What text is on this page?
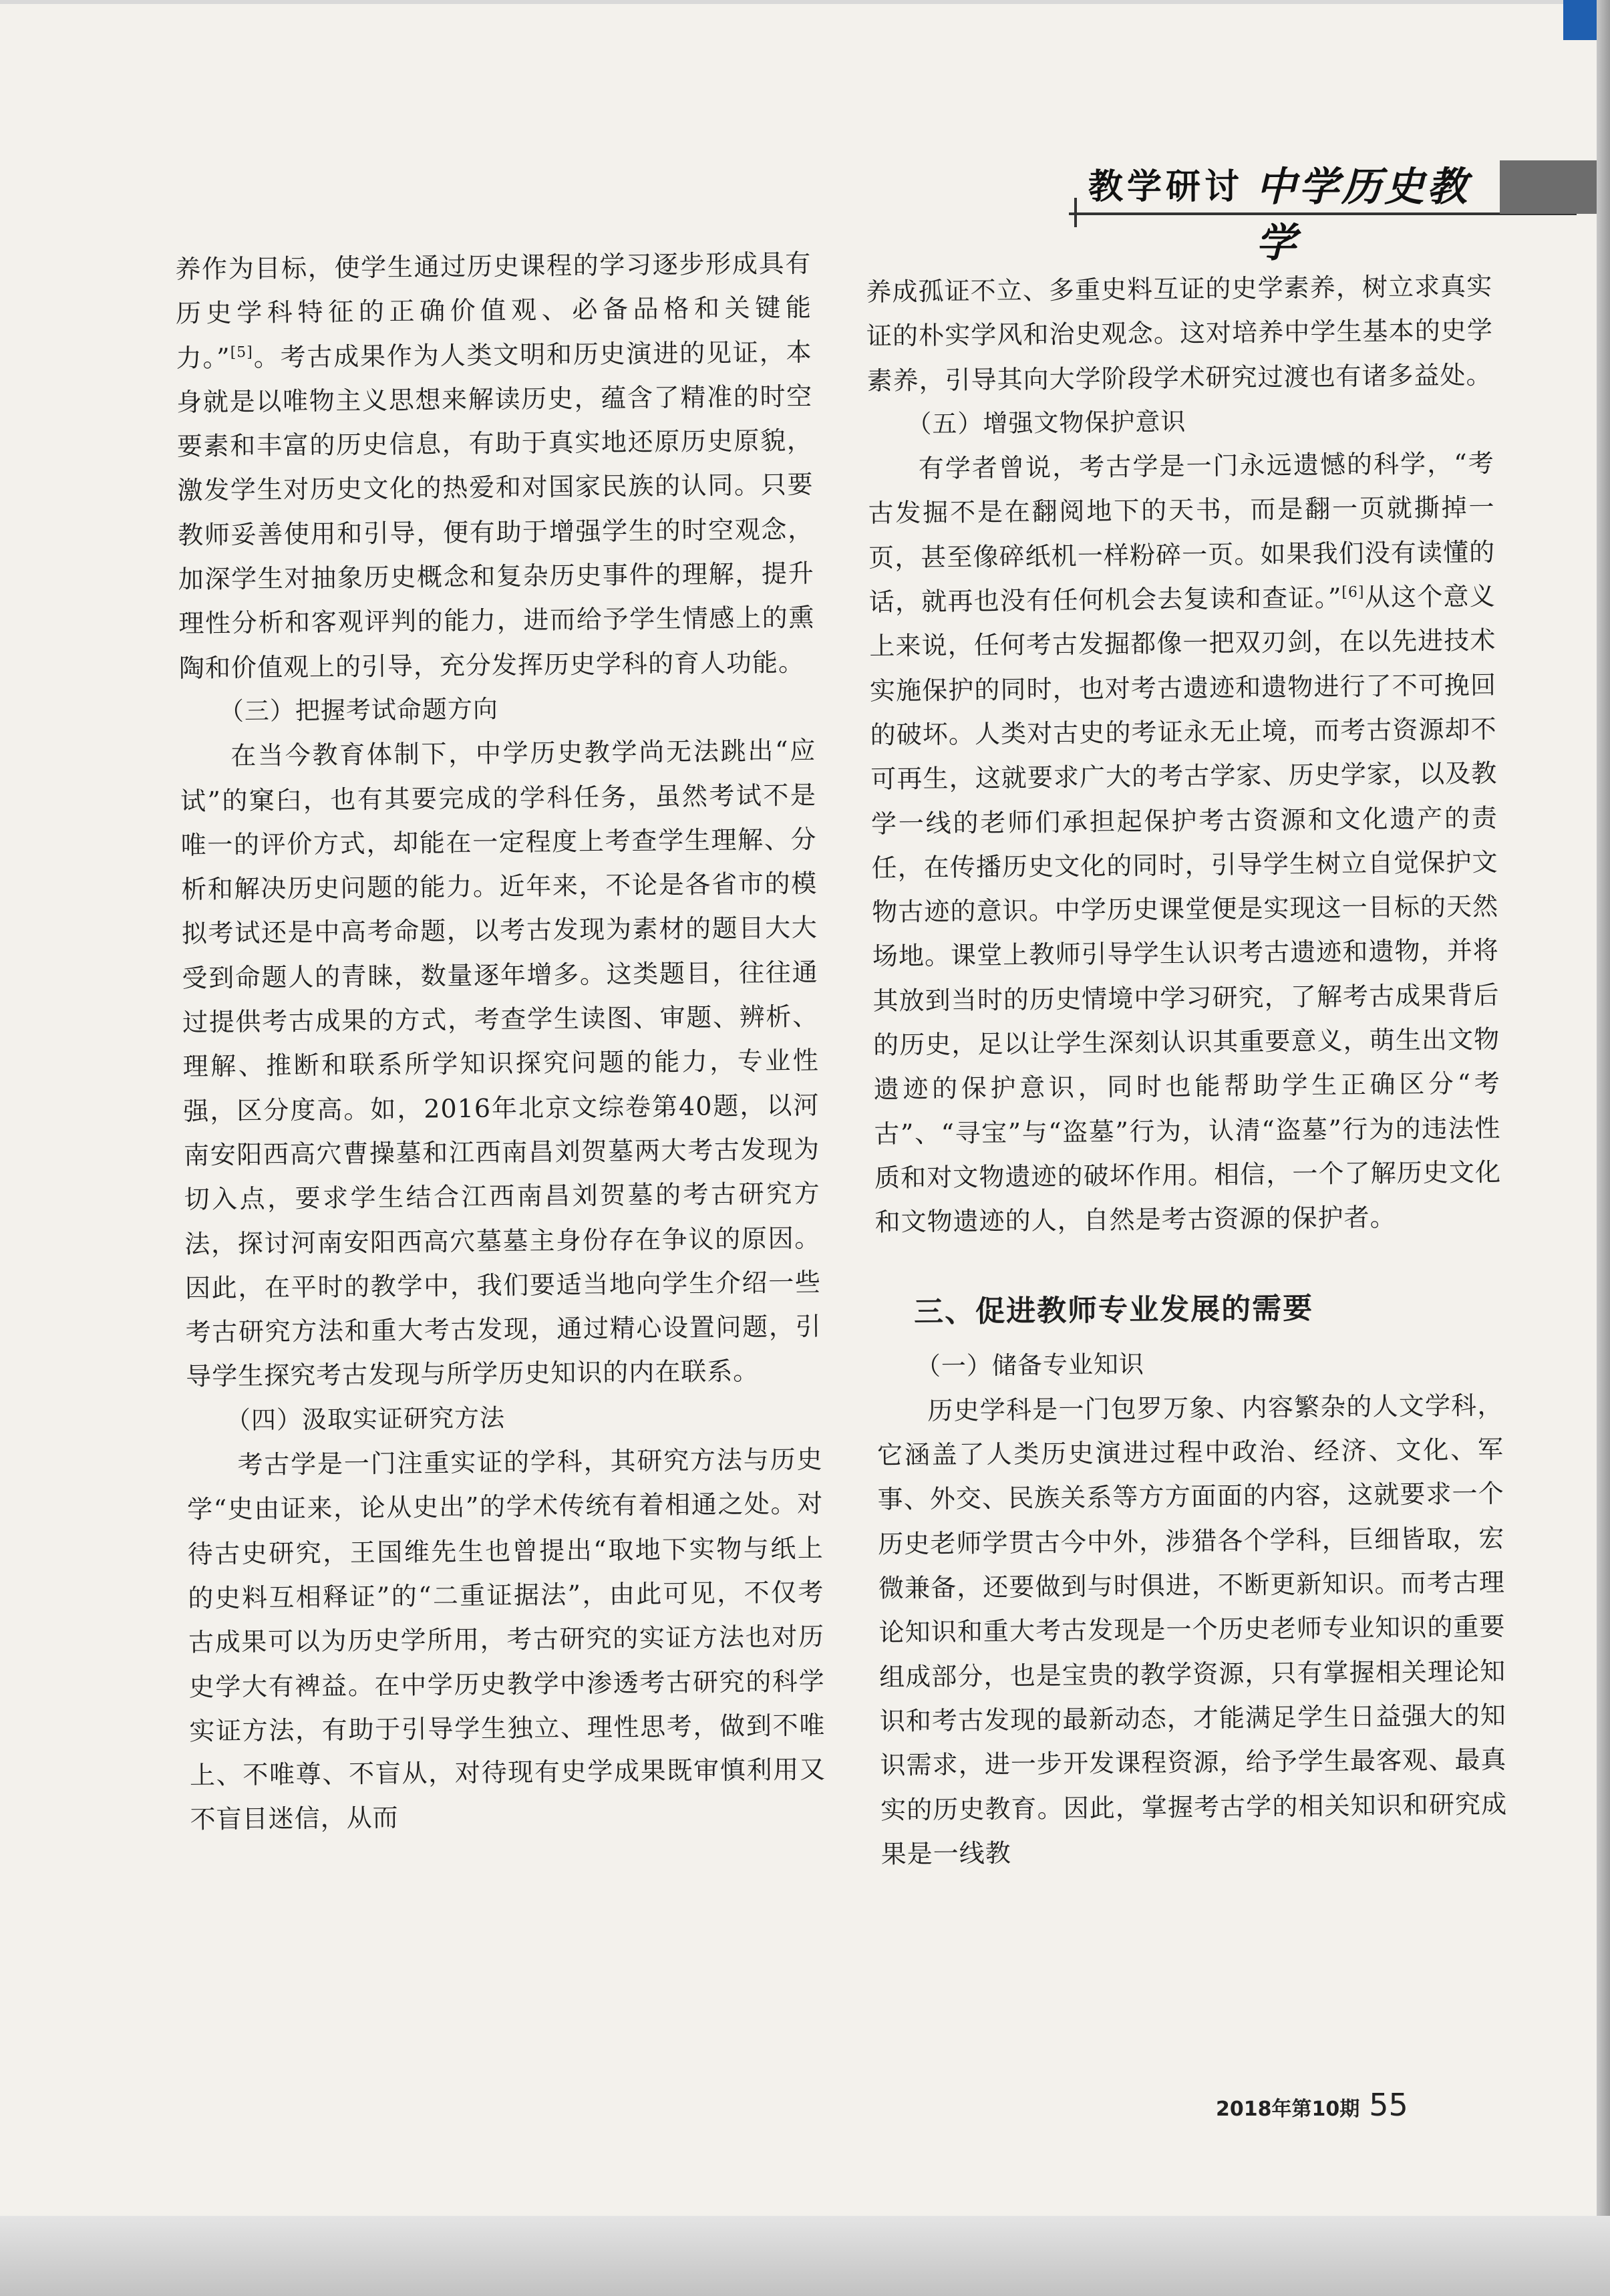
教学研讨 中学历史教学

养作为目标，使学生通过历史课程的学习逐步形成具有历史学科特征的正确价值观、必备品格和关键能力。”[5]。考古成果作为人类文明和历史演进的见证，本身就是以唯物主义思想来解读历史，蕴含了精准的时空要素和丰富的历史信息，有助于真实地还原历史原貌，激发学生对历史文化的热爱和对国家民族的认同。只要教师妥善使用和引导，便有助于增强学生的时空观念，加深学生对抽象历史概念和复杂历史事件的理解，提升理性分析和客观评判的能力，进而给予学生情感上的熏陶和价值观上的引导，充分发挥历史学科的育人功能。

（三）把握考试命题方向

在当今教育体制下，中学历史教学尚无法跳出“应试”的窠臼，也有其要完成的学科任务，虽然考试不是唯一的评价方式，却能在一定程度上考查学生理解、分析和解决历史问题的能力。近年来，不论是各省市的模拟考试还是中高考命题，以考古发现为素材的题目大大受到命题人的青睐，数量逐年增多。这类题目，往往通过提供考古成果的方式，考查学生读图、审题、辨析、理解、推断和联系所学知识探究问题的能力，专业性强，区分度高。如，2016年北京文综卷第40题，以河南安阳西高穴曹操墓和江西南昌刘贺墓两大考古发现为切入点，要求学生结合江西南昌刘贺墓的考古研究方法，探讨河南安阳西高穴墓墓主身份存在争议的原因。因此，在平时的教学中，我们要适当地向学生介绍一些考古研究方法和重大考古发现，通过精心设置问题，引导学生探究考古发现与所学历史知识的内在联系。

（四）汲取实证研究方法

考古学是一门注重实证的学科，其研究方法与历史学“史由证来，论从史出”的学术传统有着相通之处。对待古史研究，王国维先生也曾提出“取地下实物与纸上的史料互相释证”的“二重证据法”，由此可见，不仅考古成果可以为历史学所用，考古研究的实证方法也对历史学大有裨益。在中学历史教学中渗透考古研究的科学实证方法，有助于引导学生独立、理性思考，做到不唯上、不唯尊、不盲从，对待现有史学成果既审慎利用又不盲目迷信，从而

养成孤证不立、多重史料互证的史学素养，树立求真实证的朴实学风和治史观念。这对培养中学生基本的史学素养，引导其向大学阶段学术研究过渡也有诸多益处。

（五）增强文物保护意识

有学者曾说，考古学是一门永远遗憾的科学，“考古发掘不是在翻阅地下的天书，而是翻一页就撕掉一页，甚至像碎纸机一样粉碎一页。如果我们没有读懂的话，就再也没有任何机会去复读和查证。”[6]从这个意义上来说，任何考古发掘都像一把双刃剑，在以先进技术实施保护的同时，也对考古遗迹和遗物进行了不可挽回的破坏。人类对古史的考证永无止境，而考古资源却不可再生，这就要求广大的考古学家、历史学家，以及教学一线的老师们承担起保护考古资源和文化遗产的责任，在传播历史文化的同时，引导学生树立自觉保护文物古迹的意识。中学历史课堂便是实现这一目标的天然场地。课堂上教师引导学生认识考古遗迹和遗物，并将其放到当时的历史情境中学习研究，了解考古成果背后的历史，足以让学生深刻认识其重要意义，萌生出文物遗迹的保护意识，同时也能帮助学生正确区分“考古”、“寻宝”与“盗墓”行为，认清“盗墓”行为的违法性质和对文物遗迹的破坏作用。相信，一个了解历史文化和文物遗迹的人，自然是考古资源的保护者。

三、促进教师专业发展的需要

（一）储备专业知识

历史学科是一门包罗万象、内容繁杂的人文学科，它涵盖了人类历史演进过程中政治、经济、文化、军事、外交、民族关系等方方面面的内容，这就要求一个历史老师学贯古今中外，涉猎各个学科，巨细皆取，宏微兼备，还要做到与时俱进，不断更新知识。而考古理论知识和重大考古发现是一个历史老师专业知识的重要组成部分，也是宝贵的教学资源，只有掌握相关理论知识和考古发现的最新动态，才能满足学生日益强大的知识需求，进一步开发课程资源，给予学生最客观、最真实的历史教育。因此，掌握考古学的相关知识和研究成果是一线教

2018年第10期 55
